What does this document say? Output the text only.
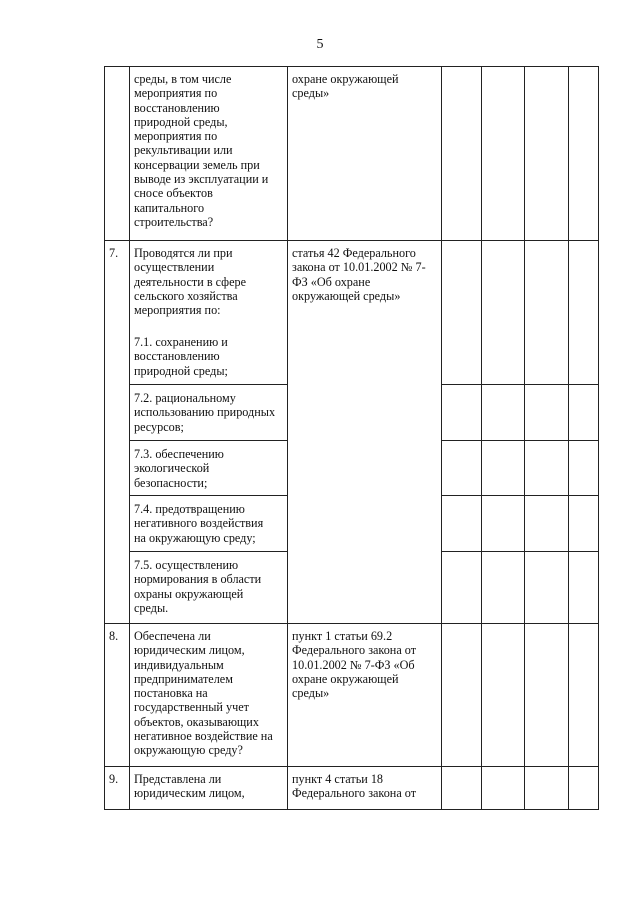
5
среды, в том числе
мероприятия по
восстановлению
природной среды,
мероприятия по
рекультивации или
консервации земель при
выводе из эксплуатации и
сносе объектов
капитального
строительства?
охране окружающей
среды»
7. Проводятся ли при
осуществлении
деятельности в сфере
сельского хозяйства
мероприятия по:
статья 42 Федерального
закона от 10.01.2002 № 7-
ФЗ «Об охране
окружающей среды»
7.1. сохранению и
восстановлению
природной среды;
7.2. рациональному
использованию природных
ресурсов;
7.3. обеспечению
экологической
безопасности;
7.4. предотвращению
негативного воздействия
на окружающую среду;
7.5. осуществлению
нормирования в области
охраны окружающей
среды.
8. Обеспечена ли
юридическим лицом,
индивидуальным
предпринимателем
постановка на
государственный учет
объектов, оказывающих
негативное воздействие на
окружающую среду?
пункт 1 статьи 69.2
Федерального закона от
10.01.2002 № 7-ФЗ «Об
охране окружающей
среды»
9. Представлена ли
юридическим лицом,
пункт 4 статьи 18
Федерального закона от
